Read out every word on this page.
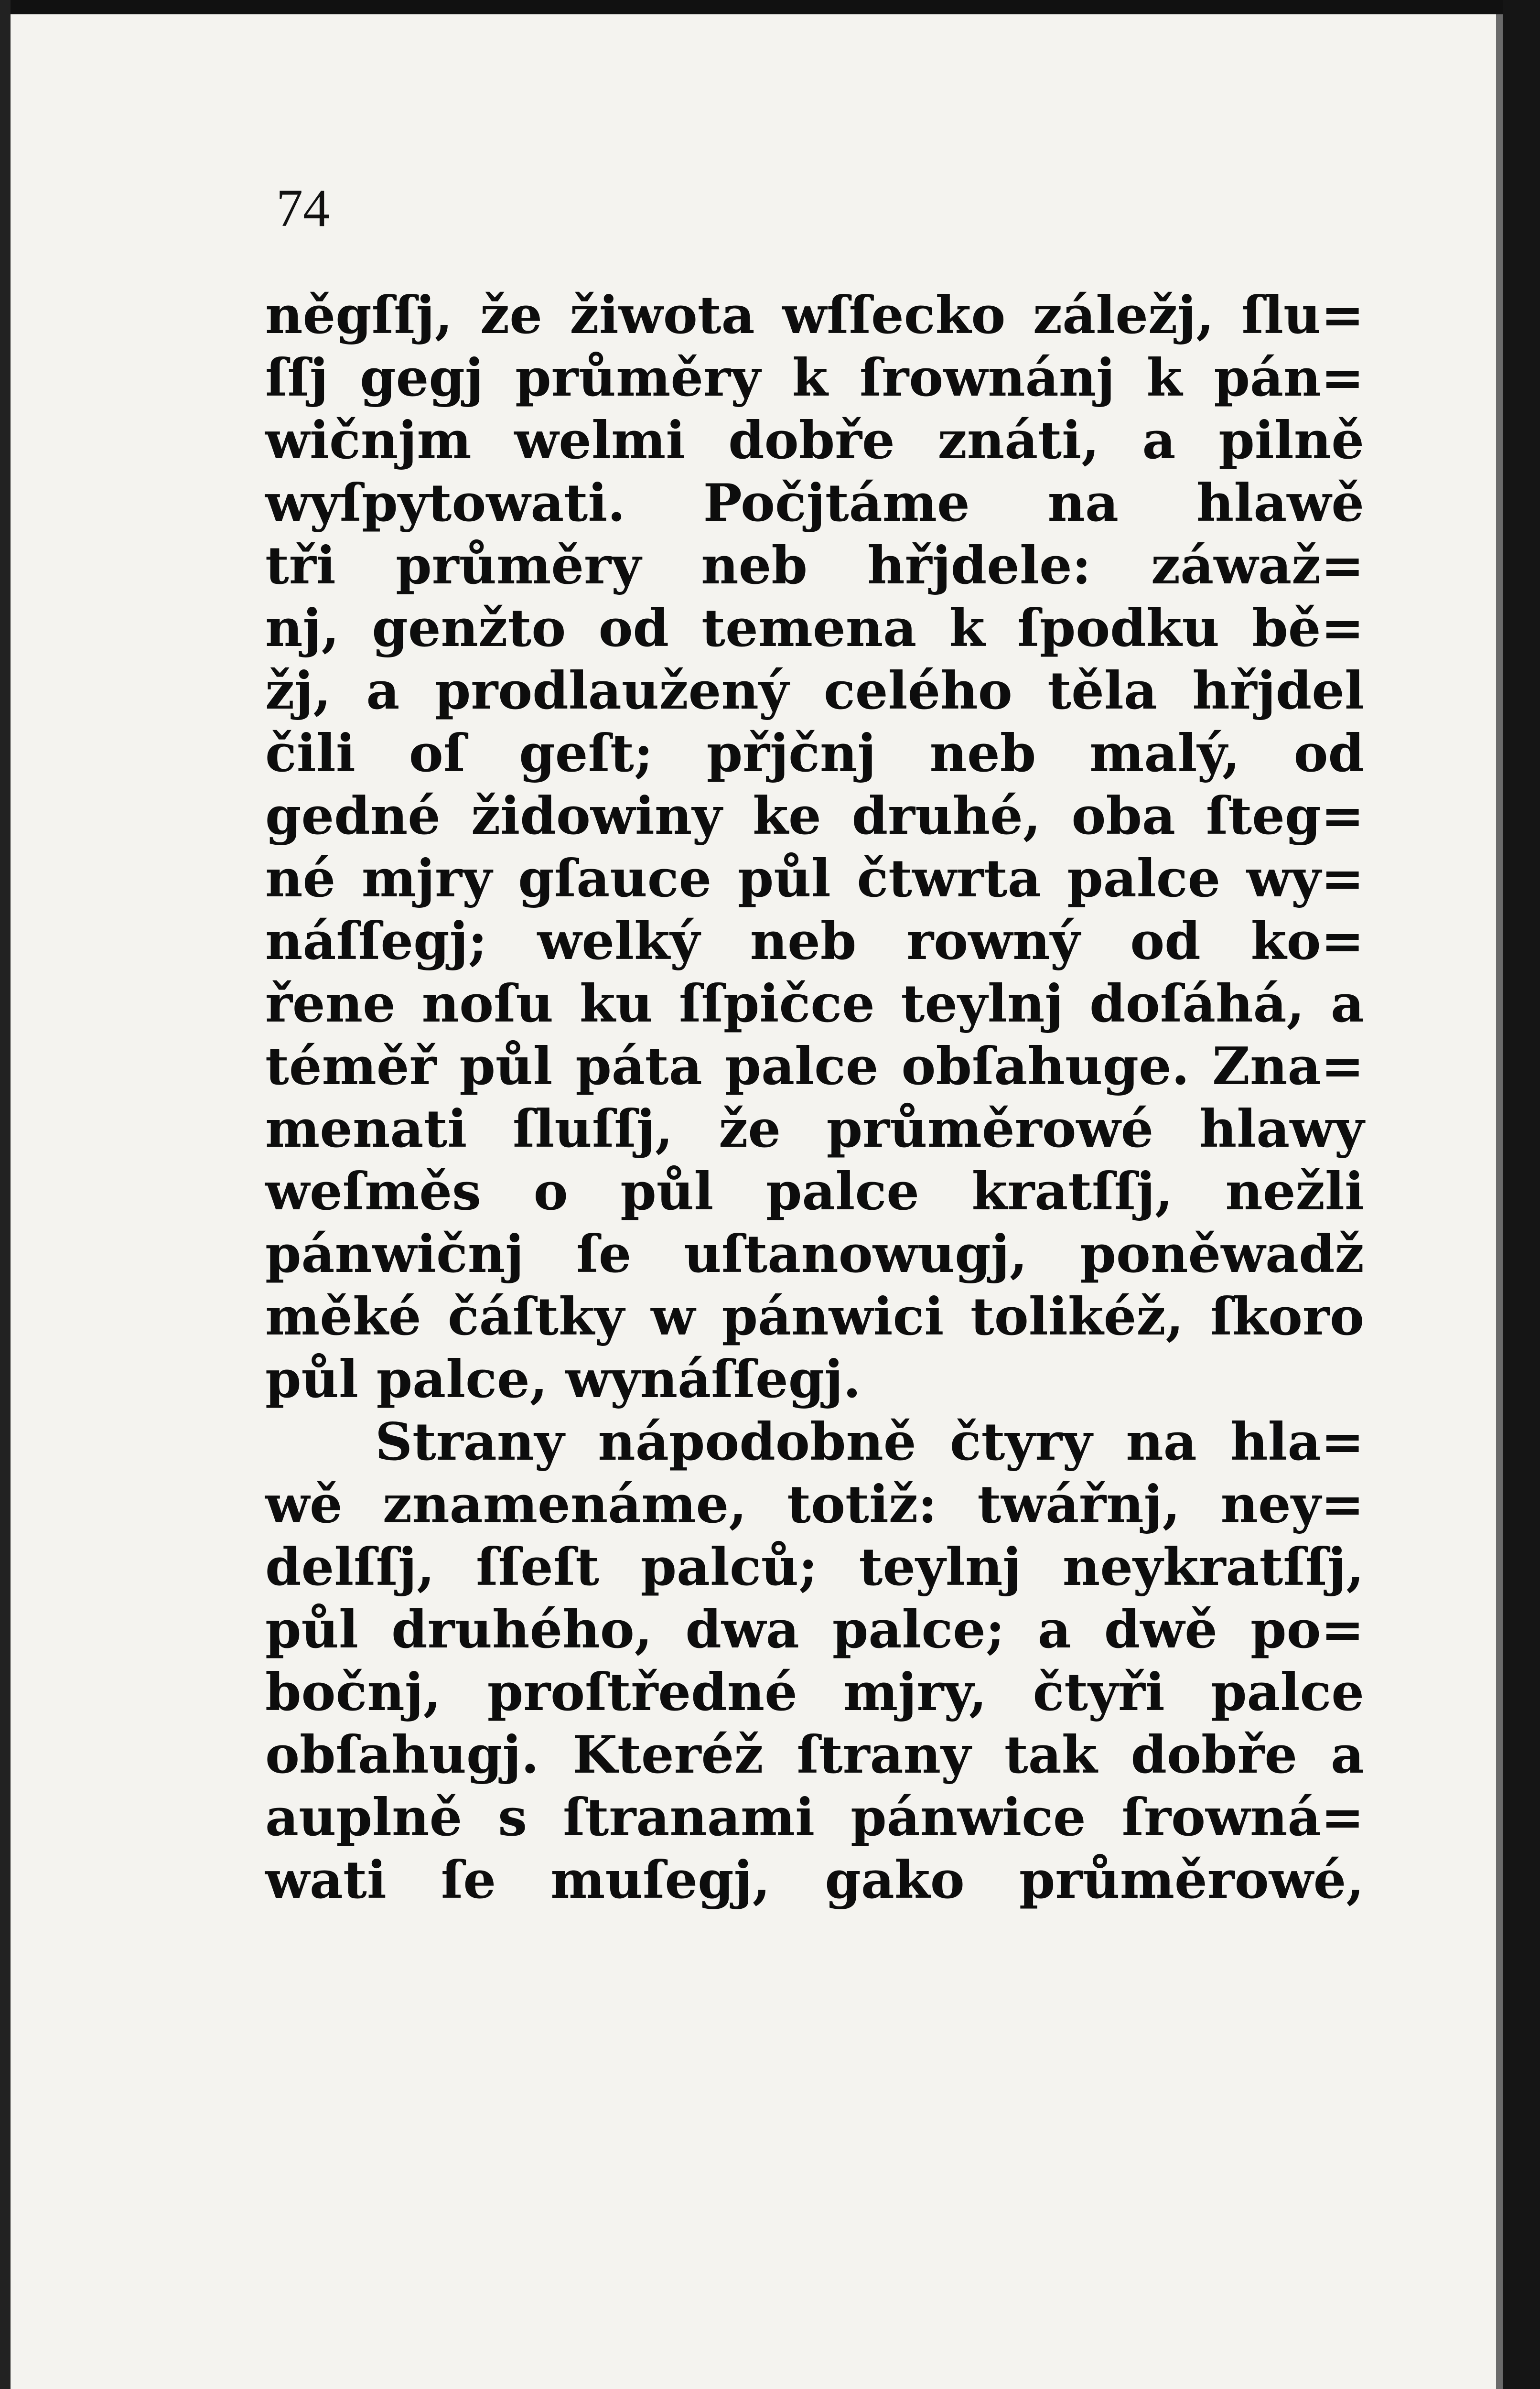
74
něgſſj, že žiwota wſſecko záležj, ſlu=
ſſj gegj průměry k ſrownánj k pán=
wičnjm welmi dobře znáti, a pilně
wyſpytowati. Počjtáme na hlawě
tři průměry neb hřjdele: záwaž=
nj, genžto od temena k ſpodku bě=
žj, a prodlaužený celého těla hřjdel
čili oſ geſt; přjčnj neb malý, od
gedné židowiny ke druhé, oba ſteg=
né mjry gſauce půl čtwrta palce wy=
náſſegj; welký neb rowný od ko=
řene noſu ku ſſpičce teylnj doſáhá, a
téměř půl páta palce obſahuge. Zna=
menati ſluſſj, že průměrowé hlawy
weſměs o půl palce kratſſj, nežli
pánwičnj ſe uſtanowugj, poněwadž
měké čáſtky w pánwici tolikéž, ſkoro
půl palce, wynáſſegj.
Strany nápodobně čtyry na hla=
wě znamenáme, totiž: twářnj, ney=
delſſj, ſſeſt palců; teylnj neykratſſj,
půl druhého, dwa palce; a dwě po=
bočnj, proſtředné mjry, čtyři palce
obſahugj. Kteréž ſtrany tak dobře a
auplně s ſtranami pánwice ſrowná=
wati ſe muſegj, gako průměrowé,
